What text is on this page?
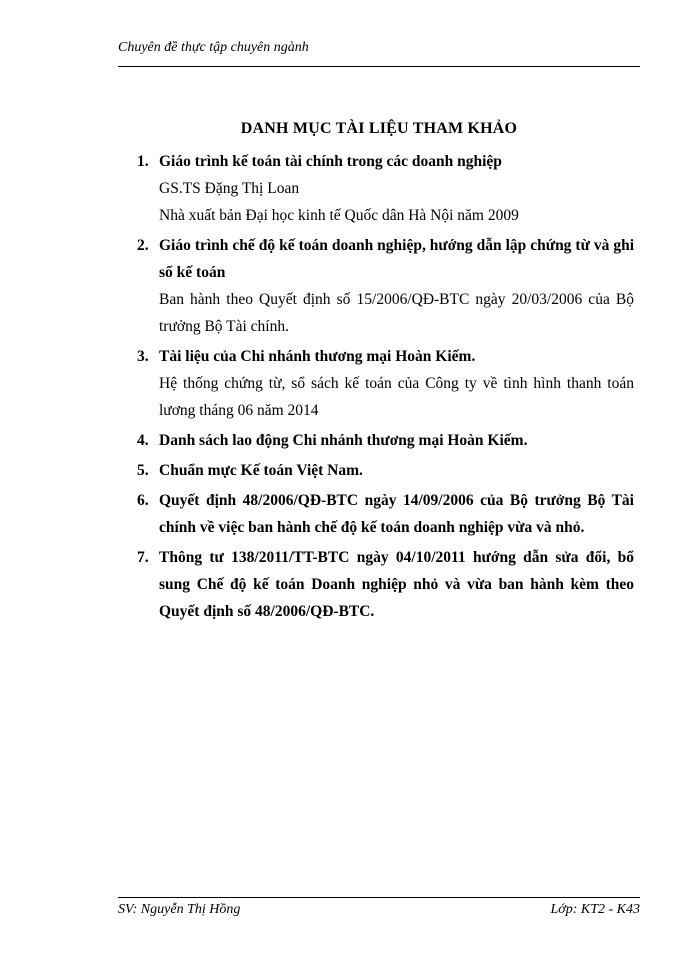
Chuyên đề thực tập chuyên ngành
DANH MỤC TÀI LIỆU THAM KHẢO
1. Giáo trình kế toán tài chính trong các doanh nghiệp
GS.TS Đặng Thị Loan
Nhà xuất bản Đại học kinh tế Quốc dân Hà Nội năm 2009
2. Giáo trình chế độ kế toán doanh nghiệp, hướng dẫn lập chứng từ và ghi sổ kế toán
Ban hành theo Quyết định số 15/2006/QĐ-BTC ngày 20/03/2006 của Bộ trưởng Bộ Tài chính.
3. Tài liệu của Chi nhánh thương mại Hoàn Kiếm.
Hệ thống chứng từ, sổ sách kế toán của Công ty về tình hình thanh toán lương tháng 06 năm 2014
4. Danh sách lao động Chi nhánh thương mại Hoàn Kiếm.
5. Chuẩn mực Kế toán Việt Nam.
6. Quyết định 48/2006/QĐ-BTC ngày 14/09/2006 của Bộ trưởng Bộ Tài chính về việc ban hành chế độ kế toán doanh nghiệp vừa và nhỏ.
7. Thông tư 138/2011/TT-BTC ngày 04/10/2011 hướng dẫn sửa đổi, bổ sung Chế độ kế toán Doanh nghiệp nhỏ và vừa ban hành kèm theo Quyết định số 48/2006/QĐ-BTC.
SV: Nguyễn Thị Hồng	Lớp: KT2 - K43
